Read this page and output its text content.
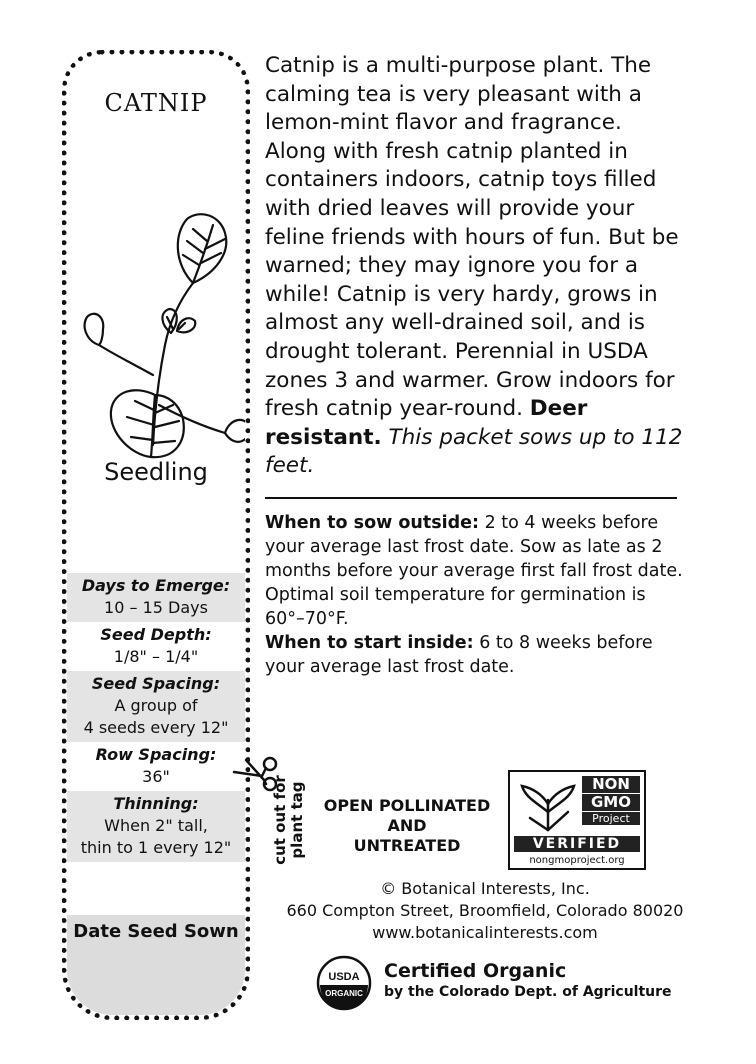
CATNIP
Seedling
Days to Emerge:
10 – 15 Days
Seed Depth:
1/8" – 1/4"
Seed Spacing:
A group of
4 seeds every 12"
Row Spacing:
36"
Thinning:
When 2" tall,
thin to 1 every 12"
Date Seed Sown
cut out for plant tag
Catnip is a multi-purpose plant. The calming tea is very pleasant with a lemon-mint flavor and fragrance. Along with fresh catnip planted in containers indoors, catnip toys filled with dried leaves will provide your feline friends with hours of fun. But be warned; they may ignore you for a while! Catnip is very hardy, grows in almost any well-drained soil, and is drought tolerant. Perennial in USDA zones 3 and warmer. Grow indoors for fresh catnip year-round. Deer resistant. This packet sows up to 112 feet.
When to sow outside: 2 to 4 weeks before your average last frost date. Sow as late as 2 months before your average first fall frost date. Optimal soil temperature for germination is 60°–70°F.
When to start inside: 6 to 8 weeks before your average last frost date.
OPEN POLLINATED
AND
UNTREATED
NON
GMO
Project
VERIFIED
nongmoproject.org
© Botanical Interests, Inc.
660 Compton Street, Broomfield, Colorado 80020
www.botanicalinterests.com
USDA
ORGANIC
Certified Organic
by the Colorado Dept. of Agriculture
